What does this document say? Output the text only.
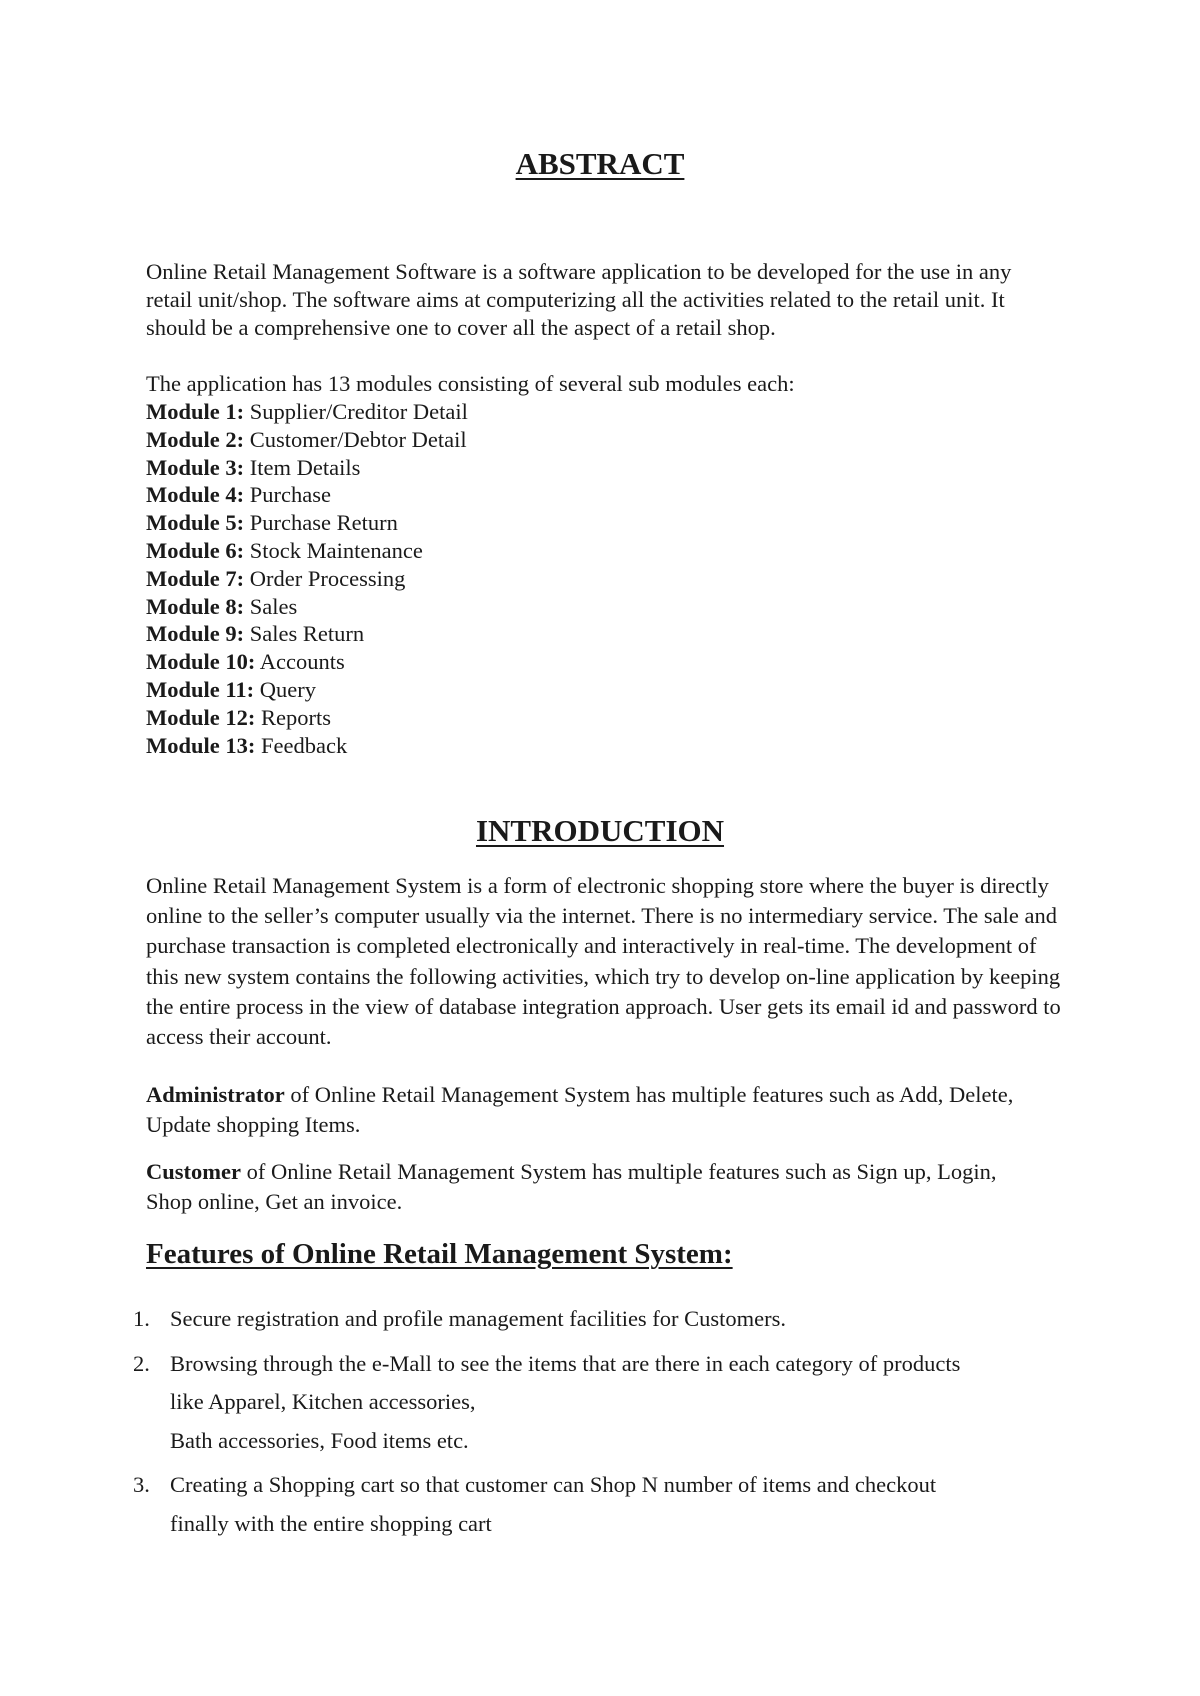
ABSTRACT
Online Retail Management Software is a software application to be developed for the use in any retail unit/shop. The software aims at computerizing all the activities related to the retail unit. It should be a comprehensive one to cover all the aspect of a retail shop.
The application has 13 modules consisting of several sub modules each:
Module 1: Supplier/Creditor Detail
Module 2: Customer/Debtor Detail
Module 3: Item Details
Module 4: Purchase
Module 5: Purchase Return
Module 6: Stock Maintenance
Module 7: Order Processing
Module 8: Sales
Module 9: Sales Return
Module 10: Accounts
Module 11: Query
Module 12: Reports
Module 13: Feedback
INTRODUCTION
Online Retail Management System is a form of electronic shopping store where the buyer is directly online to the seller’s computer usually via the internet. There is no intermediary service. The sale and purchase transaction is completed electronically and interactively in real-time. The development of this new system contains the following activities, which try to develop on-line application by keeping the entire process in the view of database integration approach. User gets its email id and password to access their account.
Administrator of Online Retail Management System has multiple features such as Add, Delete, Update shopping Items.
Customer of Online Retail Management System has multiple features such as Sign up, Login, Shop online, Get an invoice.
Features of Online Retail Management System:
1. Secure registration and profile management facilities for Customers.
2. Browsing through the e-Mall to see the items that are there in each category of products
like Apparel, Kitchen accessories,
Bath accessories, Food items etc.
3. Creating a Shopping cart so that customer can Shop N number of items and checkout
finally with the entire shopping cart
